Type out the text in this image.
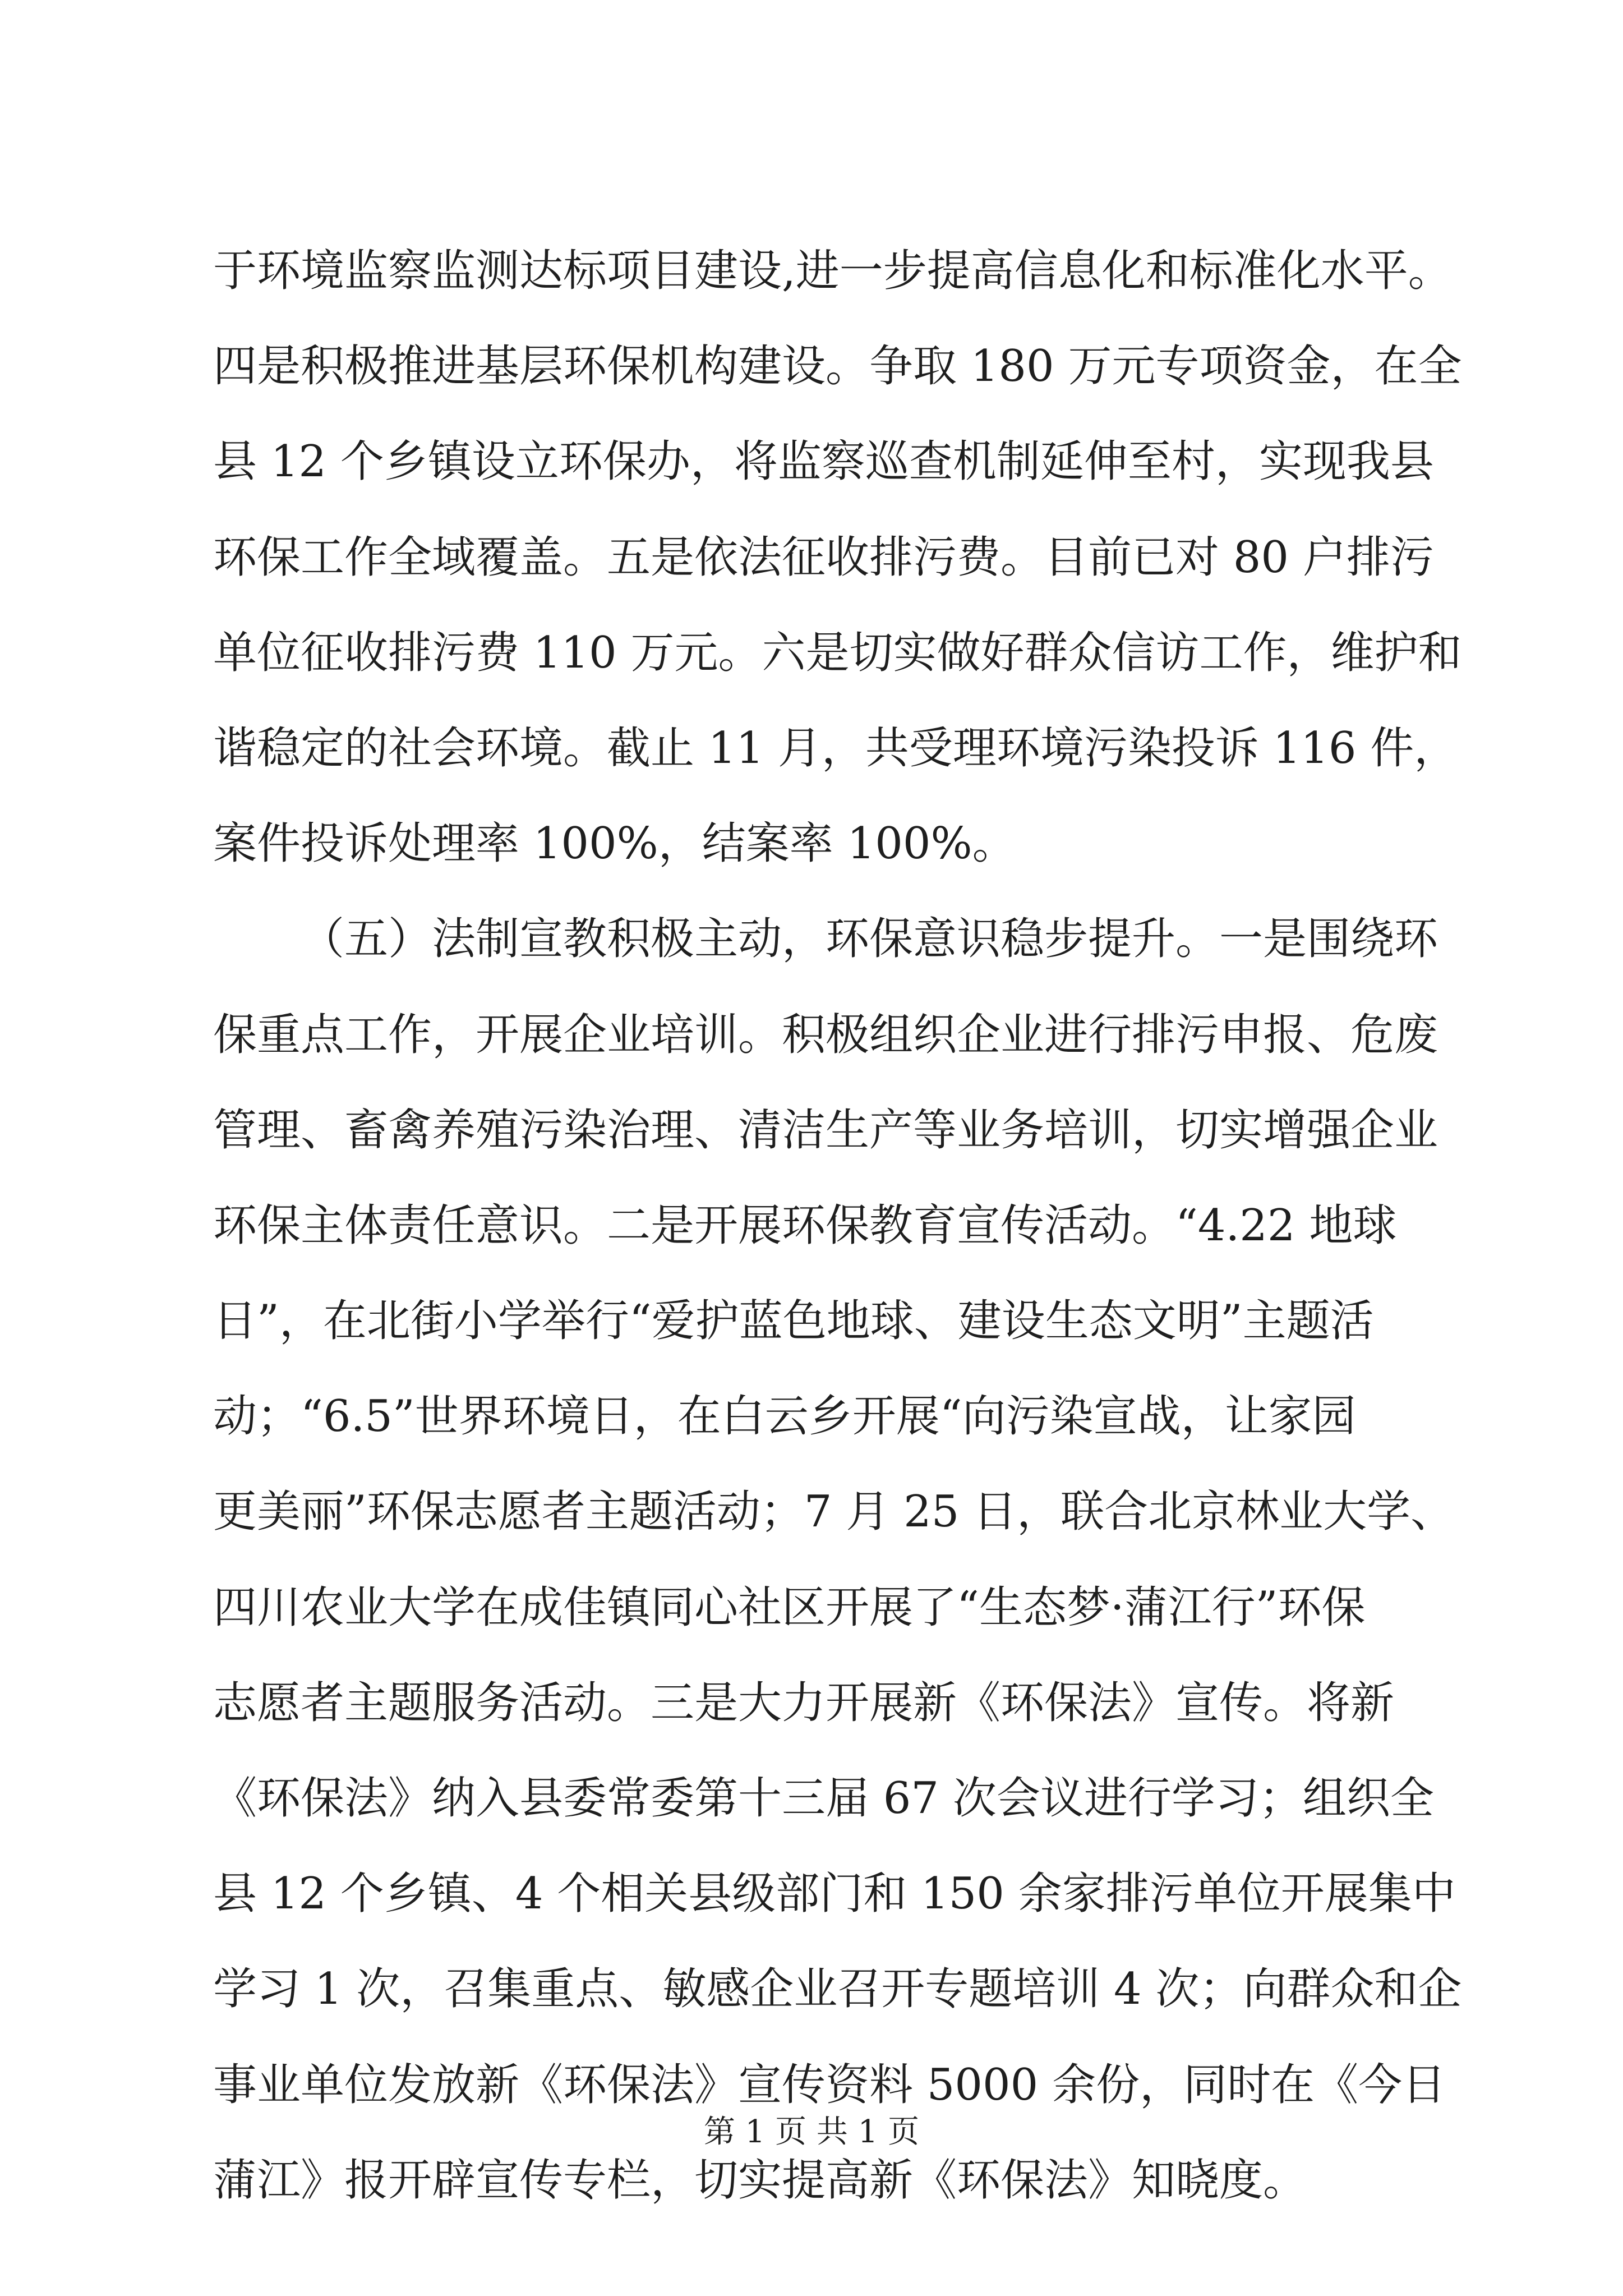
于环境监察监测达标项目建设,进一步提高信息化和标准化水平。
四是积极推进基层环保机构建设。争取 180 万元专项资金，在全
县 12 个乡镇设立环保办，将监察巡查机制延伸至村，实现我县
环保工作全域覆盖。五是依法征收排污费。目前已对 80 户排污
单位征收排污费 110 万元。六是切实做好群众信访工作，维护和
谐稳定的社会环境。截止 11 月，共受理环境污染投诉 116 件，
案件投诉处理率 100%，结案率 100%。
（五）法制宣教积极主动，环保意识稳步提升。一是围绕环
保重点工作，开展企业培训。积极组织企业进行排污申报、危废
管理、畜禽养殖污染治理、清洁生产等业务培训，切实增强企业
环保主体责任意识。二是开展环保教育宣传活动。“4.22 地球
日”，在北街小学举行“爱护蓝色地球、建设生态文明”主题活
动；“6.5”世界环境日，在白云乡开展“向污染宣战，让家园
更美丽”环保志愿者主题活动；7 月 25 日，联合北京林业大学、
四川农业大学在成佳镇同心社区开展了“生态梦·蒲江行”环保
志愿者主题服务活动。三是大力开展新《环保法》宣传。将新
《环保法》纳入县委常委第十三届 67 次会议进行学习；组织全
县 12 个乡镇、4 个相关县级部门和 150 余家排污单位开展集中
学习 1 次，召集重点、敏感企业召开专题培训 4 次；向群众和企
事业单位发放新《环保法》宣传资料 5000 余份，同时在《今日
蒲江》报开辟宣传专栏，切实提高新《环保法》知晓度。
第 1 页 共 1 页
